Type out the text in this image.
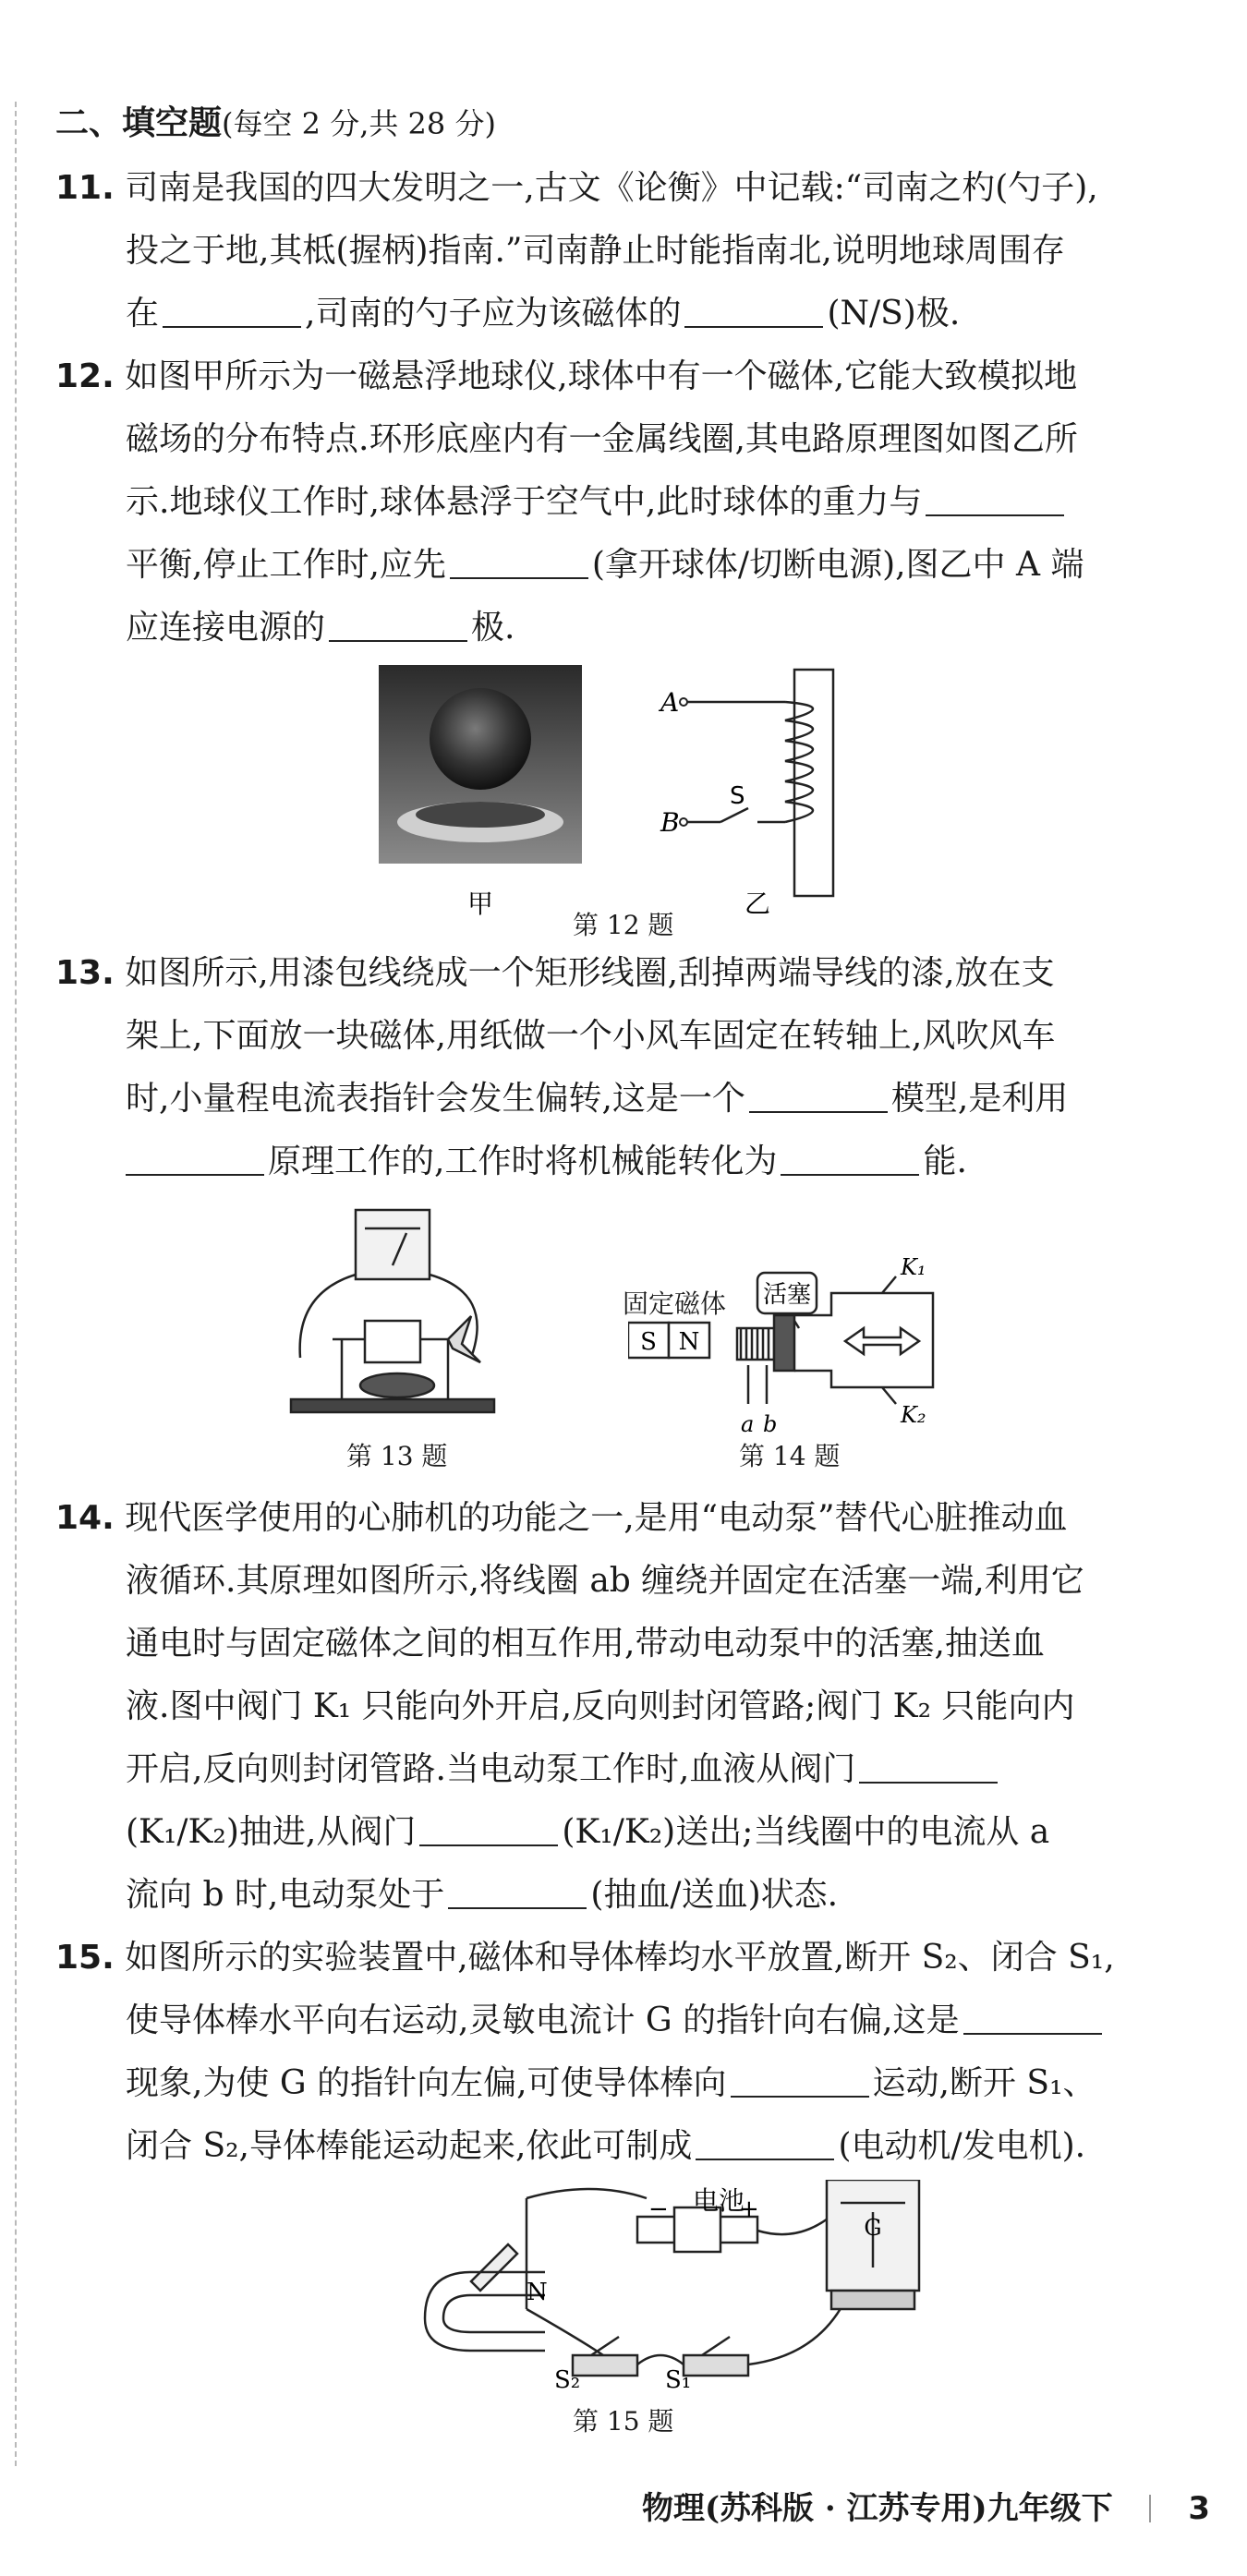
二、填空题(每空 2 分,共 28 分)
11. 司南是我国的四大发明之一,古文《论衡》中记载:“司南之杓(勺子),
投之于地,其柢(握柄)指南.”司南静止时能指南北,说明地球周围存
在	,司南的勺子应为该磁体的	(N/S)极.
12. 如图甲所示为一磁悬浮地球仪,球体中有一个磁体,它能大致模拟地
磁场的分布特点.环形底座内有一金属线圈,其电路原理图如图乙所
示.地球仪工作时,球体悬浮于空气中,此时球体的重力与
平衡,停止工作时,应先	(拿开球体/切断电源),图乙中 A 端
应连接电源的	极.
甲
A
B
S
乙
第 12 题
13. 如图所示,用漆包线绕成一个矩形线圈,刮掉两端导线的漆,放在支
架上,下面放一块磁体,用纸做一个小风车固定在转轴上,风吹风车
时,小量程电流表指针会发生偏转,这是一个	模型,是利用
原理工作的,工作时将机械能转化为	能.
第 13 题
固定磁体
S N
活塞
K₁
K₂
a b
第 14 题
14. 现代医学使用的心肺机的功能之一,是用“电动泵”替代心脏推动血
液循环.其原理如图所示,将线圈 ab 缠绕并固定在活塞一端,利用它
通电时与固定磁体之间的相互作用,带动电动泵中的活塞,抽送血
液.图中阀门 K₁ 只能向外开启,反向则封闭管路;阀门 K₂ 只能向内
开启,反向则封闭管路.当电动泵工作时,血液从阀门
(K₁/K₂)抽进,从阀门	(K₁/K₂)送出;当线圈中的电流从 a
流向 b 时,电动泵处于	(抽血/送血)状态.
15. 如图所示的实验装置中,磁体和导体棒均水平放置,断开 S₂、闭合 S₁,
使导体棒水平向右运动,灵敏电流计 G 的指针向右偏,这是
现象,为使 G 的指针向左偏,可使导体棒向	运动,断开 S₁、
闭合 S₂,导体棒能运动起来,依此可制成	(电动机/发电机).
电池
−	+
N
G
S₂	S₁
第 15 题
物理(苏科版 · 江苏专用)九年级下 3
